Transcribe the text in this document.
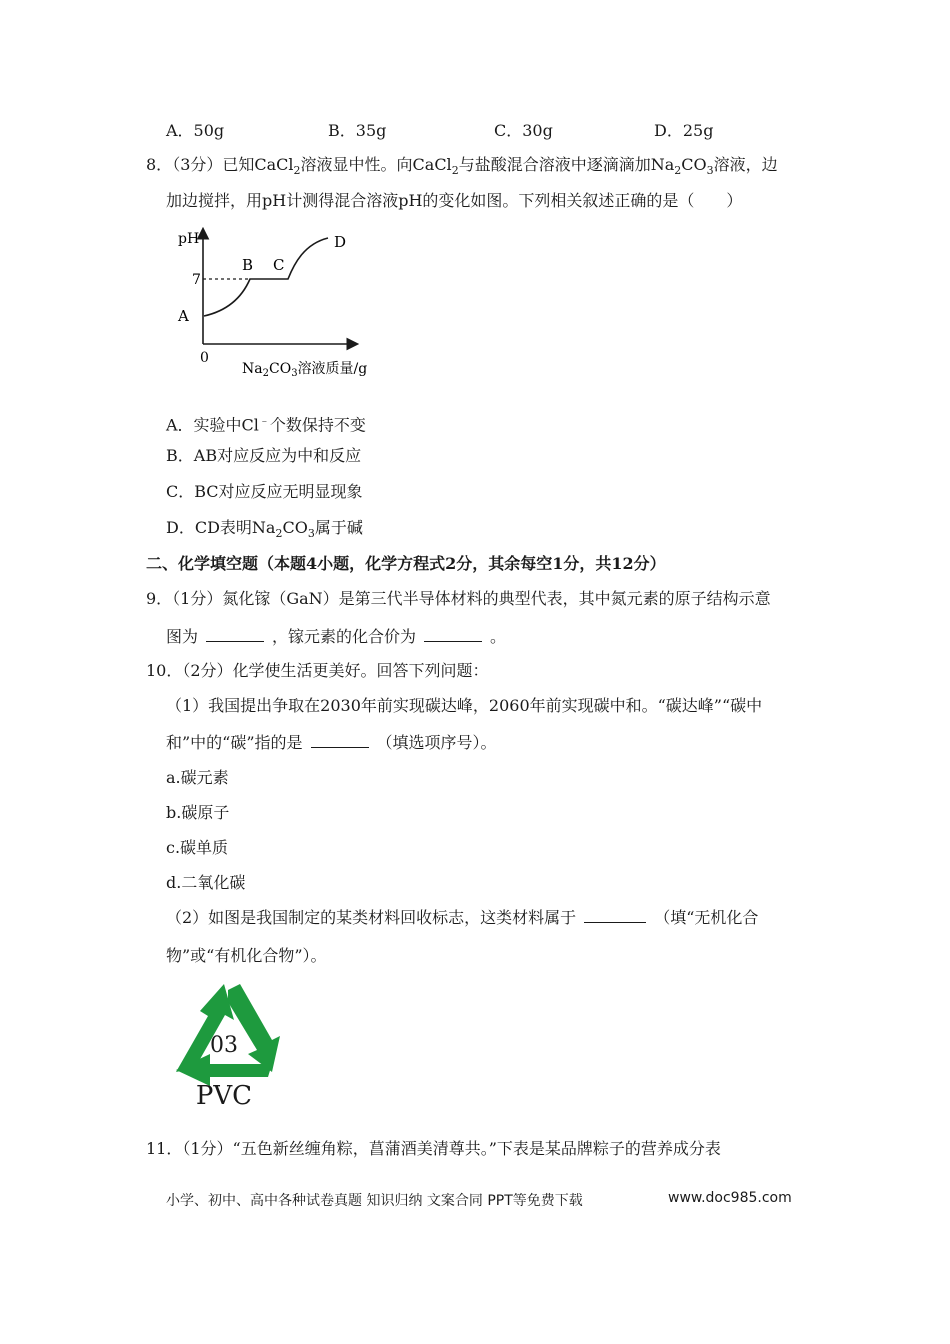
A．50g	B．35g	C．30g	D．25g
8．（3分）已知CaCl$_2$溶液显中性。向CaCl$_2$与盐酸混合溶液中逐滴滴加$Na_2CO_3$溶液，边
加边搅拌，用pH计测得混合溶液pH的变化如图。下列相关叙述正确的是（　　）
pH
7
0
A
B C
D
$Na_2CO_3$溶液质量/g
A．实验中Cl﹣个数保持不变
B．AB对应反应为中和反应
C．BC对应反应无明显现象
D．CD表明$Na_2CO_3$属于碱
二、化学填空题（本题4小题，化学方程式2分，其余每空1分，共12分）
9．（1分）氮化镓（GaN）是第三代半导体材料的典型代表，其中氮元素的原子结构示意
图为	，镓元素的化合价为	。
10．（2分）化学使生活更美好。回答下列问题：
（1）我国提出争取在2030年前实现碳达峰，2060年前实现碳中和。“碳达峰”“碳中
和”中的“碳”指的是	（填选项序号）。
a.碳元素
b.碳原子
c.碳单质
d.二氧化碳
（2）如图是我国制定的某类材料回收标志，这类材料属于	（填“无机化合
物”或“有机化合物”）。
03
PVC
11．（1分）“五色新丝缠角粽，菖蒲酒美清尊共。”下表是某品牌粽子的营养成分表
小学、初中、高中各种试卷真题 知识归纳 文案合同 PPT等免费下载	www.doc985.com
